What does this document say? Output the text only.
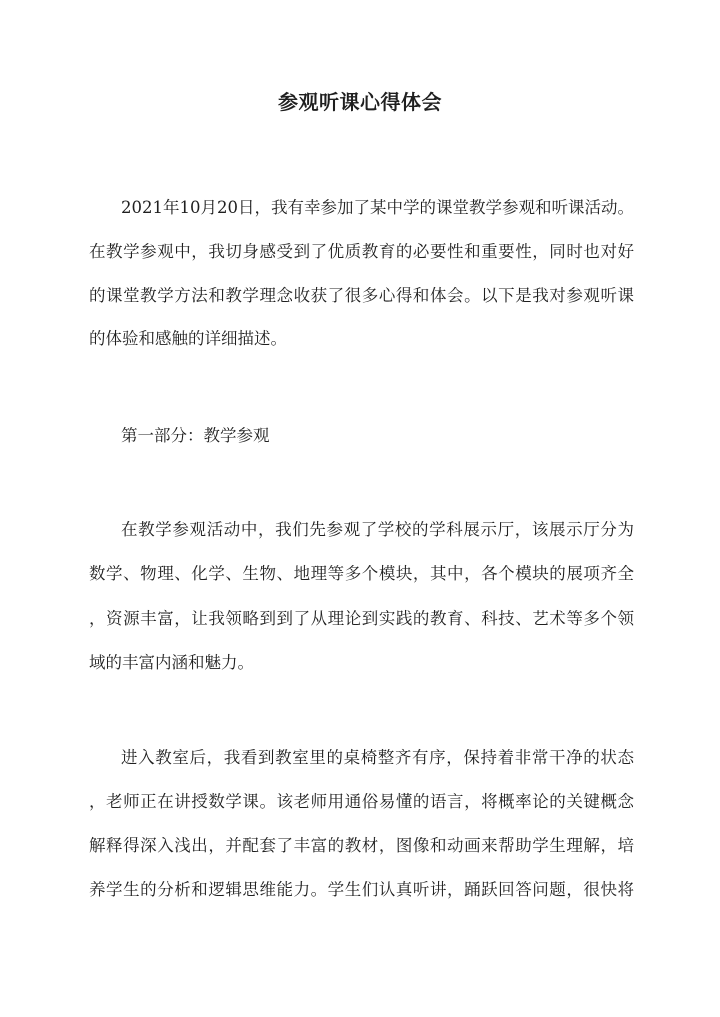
参观听课心得体会
2021年10月20日，我有幸参加了某中学的课堂教学参观和听课活动。
在教学参观中，我切身感受到了优质教育的必要性和重要性，同时也对好
的课堂教学方法和教学理念收获了很多心得和体会。以下是我对参观听课
的体验和感触的详细描述。
第一部分：教学参观
在教学参观活动中，我们先参观了学校的学科展示厅，该展示厅分为
数学、物理、化学、生物、地理等多个模块，其中，各个模块的展项齐全
，资源丰富，让我领略到到了从理论到实践的教育、科技、艺术等多个领
域的丰富内涵和魅力。
进入教室后，我看到教室里的桌椅整齐有序，保持着非常干净的状态
，老师正在讲授数学课。该老师用通俗易懂的语言，将概率论的关键概念
解释得深入浅出，并配套了丰富的教材，图像和动画来帮助学生理解，培
养学生的分析和逻辑思维能力。学生们认真听讲，踊跃回答问题，很快将
